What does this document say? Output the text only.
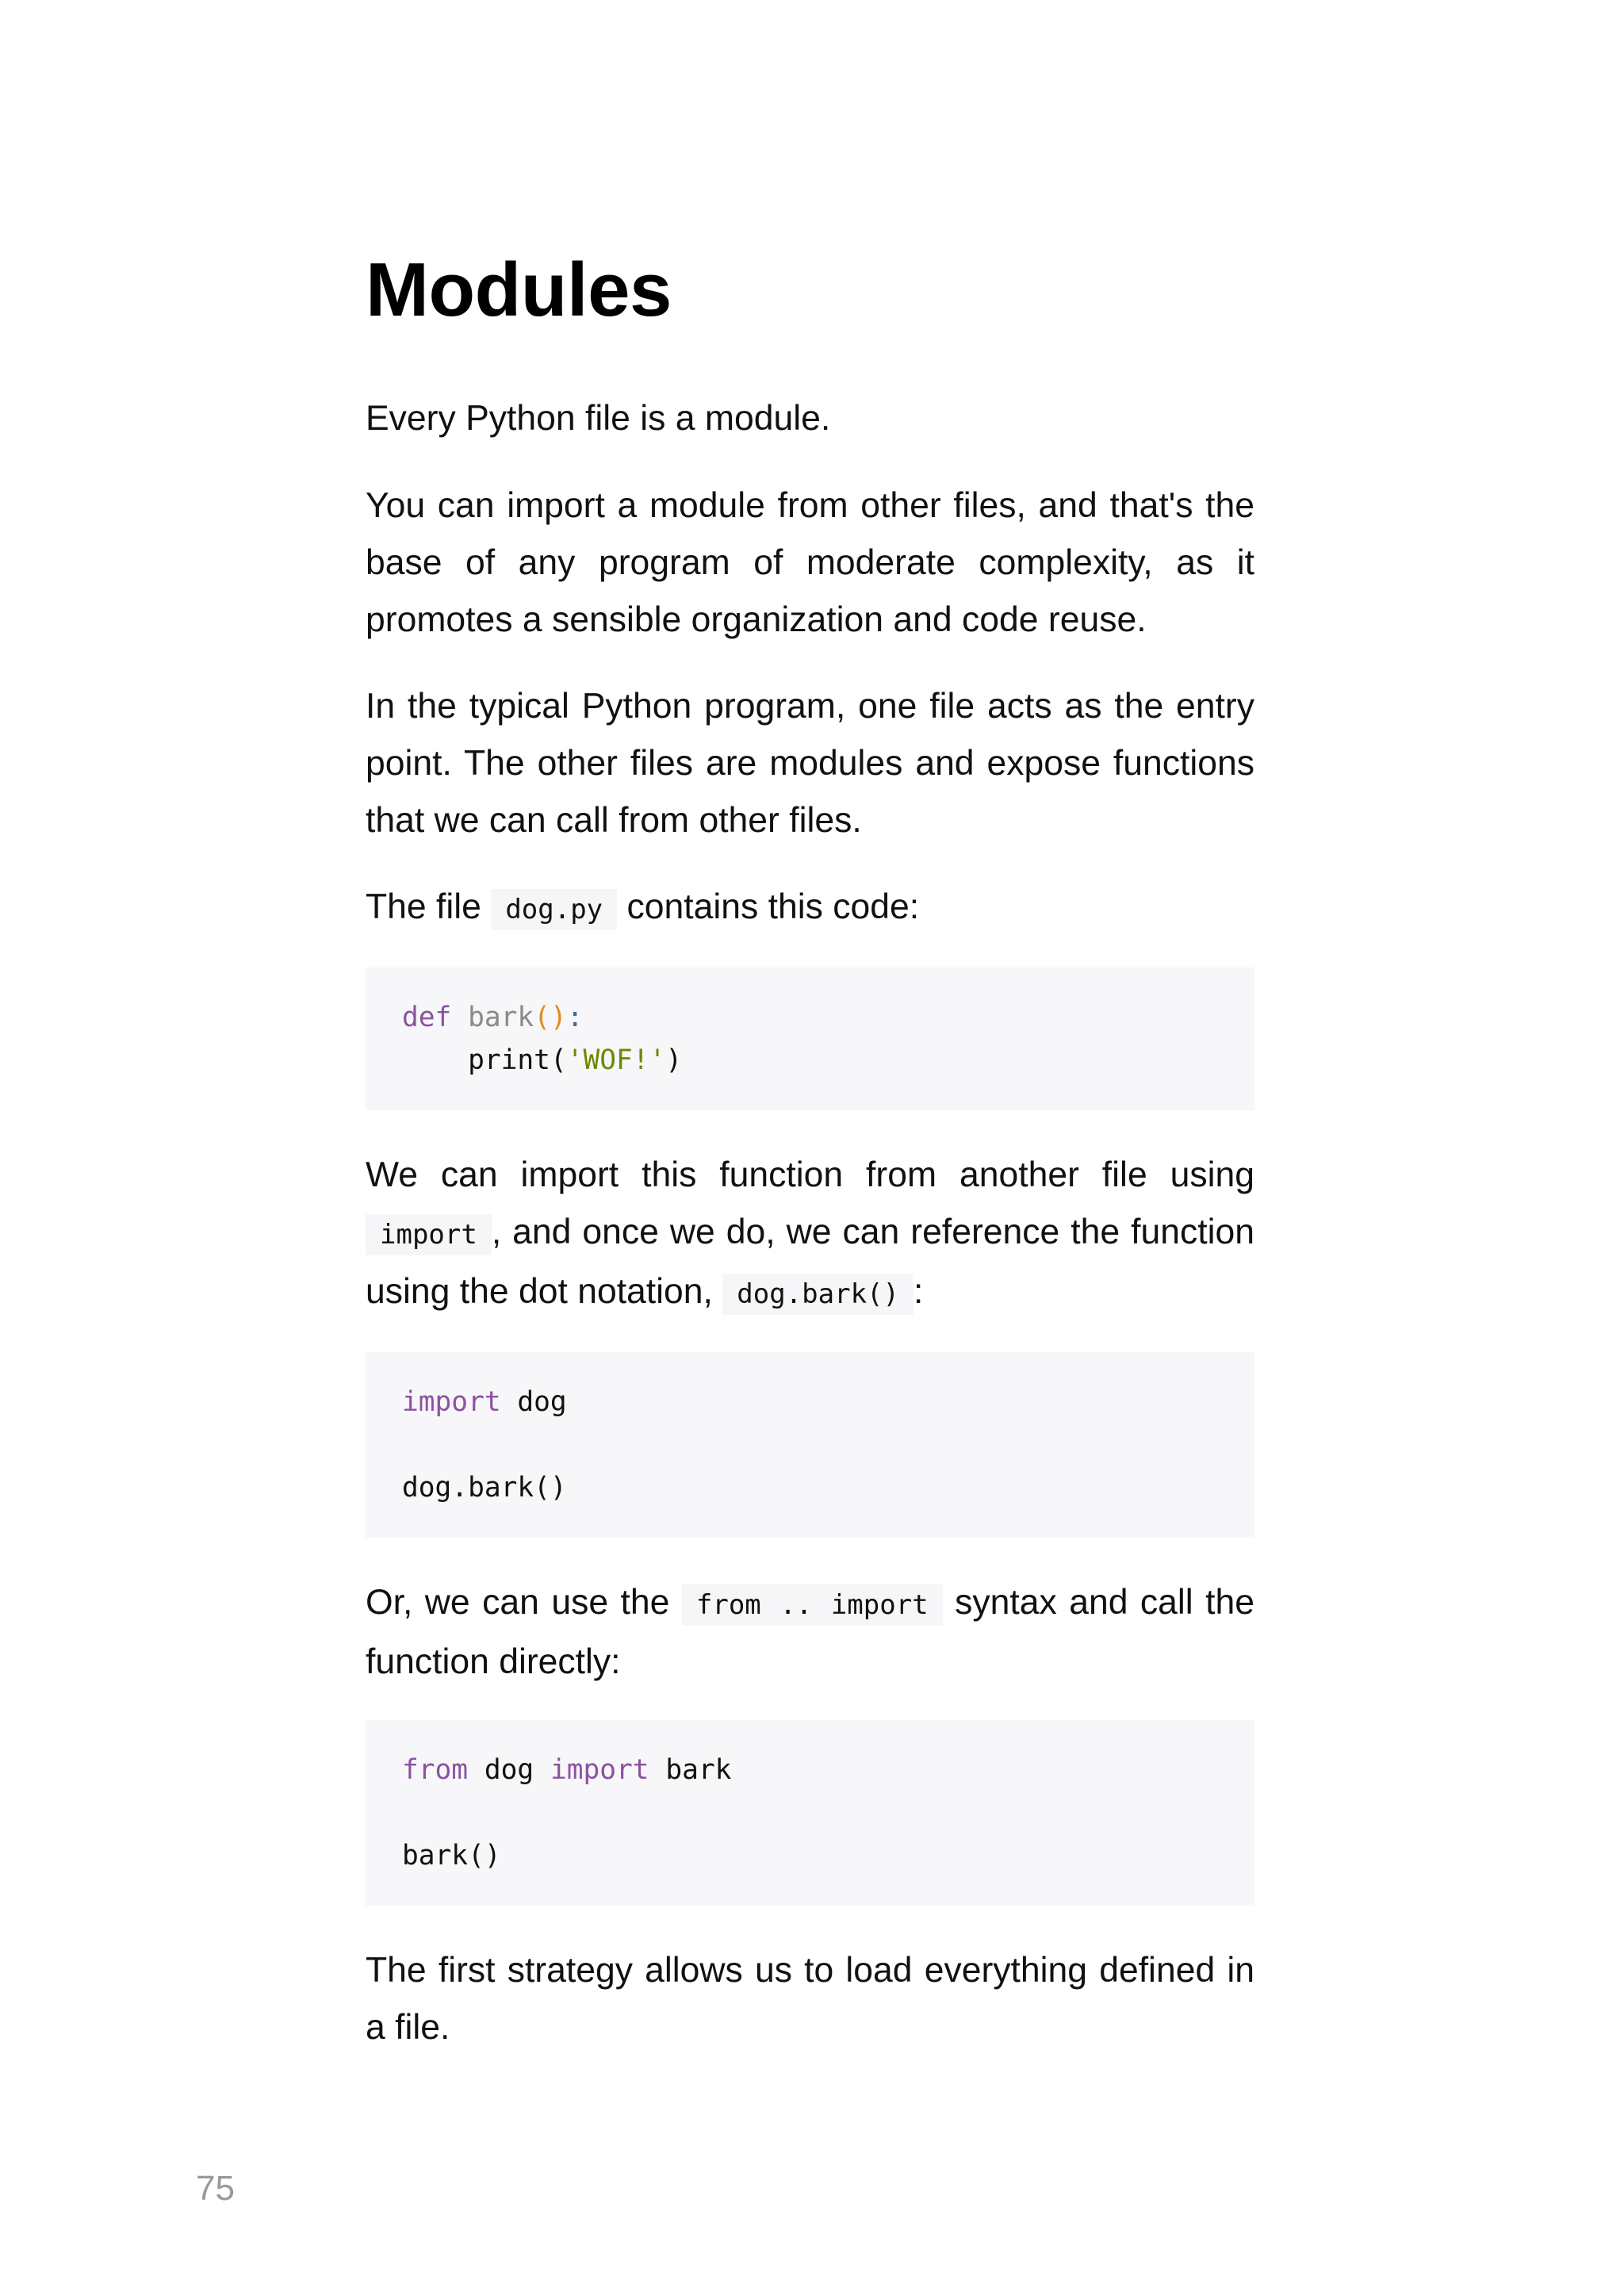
Modules

Every Python file is a module.

You can import a module from other files, and that's the base of any program of moderate complexity, as it promotes a sensible organization and code reuse.

In the typical Python program, one file acts as the entry point. The other files are modules and expose functions that we can call from other files.

The file dog.py contains this code:

def bark():
print('WOF!')

We can import this function from another file using import , and once we do, we can reference the function using the dot notation, dog.bark() :

import dog
dog.bark()

Or, we can use the from .. import syntax and call the function directly:

from dog import bark
bark()

The first strategy allows us to load everything defined in a file.

75
